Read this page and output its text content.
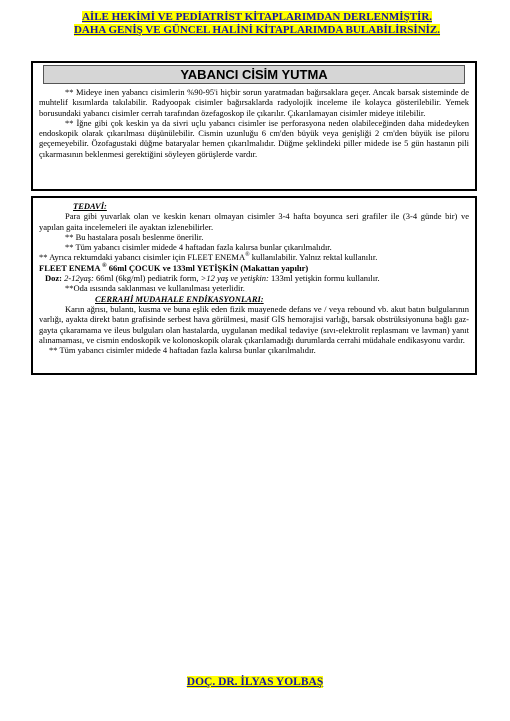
AİLE HEKİMİ VE PEDİATRİST KİTAPLARIMDAN DERLENMİŞTİR.
DAHA GENİŞ VE GÜNCEL HALİNİ KİTAPLARIMDA BULABİLİRSİNİZ.
YABANCI CİSİM YUTMA

** Mideye inen yabancı cisimlerin %90-95'i hiçbir sorun yaratmadan bağırsaklara geçer. Ancak barsak sisteminde de muhtelif kısımlarda takılabilir. Radyoopak cisimler bağırsaklarda radyolojik inceleme ile kolayca gösterilebilir. Yemek borusundaki yabancı cisimler cerrah tarafından özefagoskop ile çıkarılır. Çıkarılamayan cisimler mideye itilebilir.

** İğne gibi çok keskin ya da sivri uçlu yabancı cisimler ise perforasyona neden olabileceğinden daha midedeyken endoskopik olarak çıkarılması düşünülebilir. Cismin uzunluğu 6 cm'den büyük veya genişliği 2 cm'den büyük ise piloru geçemeyebilir. Özofagustaki düğme bataryalar hemen çıkarılmalıdır. Düğme şeklindeki piller midede ise 5 gün hastanın pili çıkarmasının beklenmesi gerektiğini söyleyen görüşlerde vardır.

TEDAVİ:

Para gibi yuvarlak olan ve keskin kenarı olmayan cisimler 3-4 hafta boyunca seri grafiler ile (3-4 günde bir) ve yapılan gaita incelemeleri ile ayaktan izlenebilirler.

** Bu hastalara posalı beslenme önerilir.

** Tüm yabancı cisimler midede 4 haftadan fazla kalırsa bunlar çıkarılmalıdır.

** Ayrıca rektumdaki yabancı cisimler için FLEET ENEMA® kullanılabilir. Yalnız rektal kullanılır.

FLEET ENEMA ® 66ml ÇOCUK ve 133ml YETİŞKİN (Makattan yapılır)

Doz: 2-12yaş: 66ml (6kg/ml) pediatrik form, >12 yaş ve yetişkin: 133ml yetişkin formu kullanılır.

**Oda ısısında saklanması ve kullanılması yeterlidir.

CERRAHİ MUDAHALE ENDİKASYONLARI:

Karın ağrısı, bulantı, kusma ve buna eşlik eden fizik muayenede defans ve / veya rebound vb. akut batın bulgularının varlığı, ayakta direkt batın grafisinde serbest hava görülmesi, masif GİS hemorajisi varlığı, barsak obstrüksiyonuna bağlı gaz-gayta çıkaramama ve ileus bulguları olan hastalarda, uygulanan medikal tedaviye (sıvı-elektrolit replasmanı ve lavman) yanıt alınamaması, ve cismin endoskopik ve kolonoskopik olarak çıkarılamadığı durumlarda cerrahi müdahale endikasyonu vardır.

** Tüm yabancı cisimler midede 4 haftadan fazla kalırsa bunlar çıkarılmalıdır.

DOÇ. DR. İLYAS YOLBAŞ
